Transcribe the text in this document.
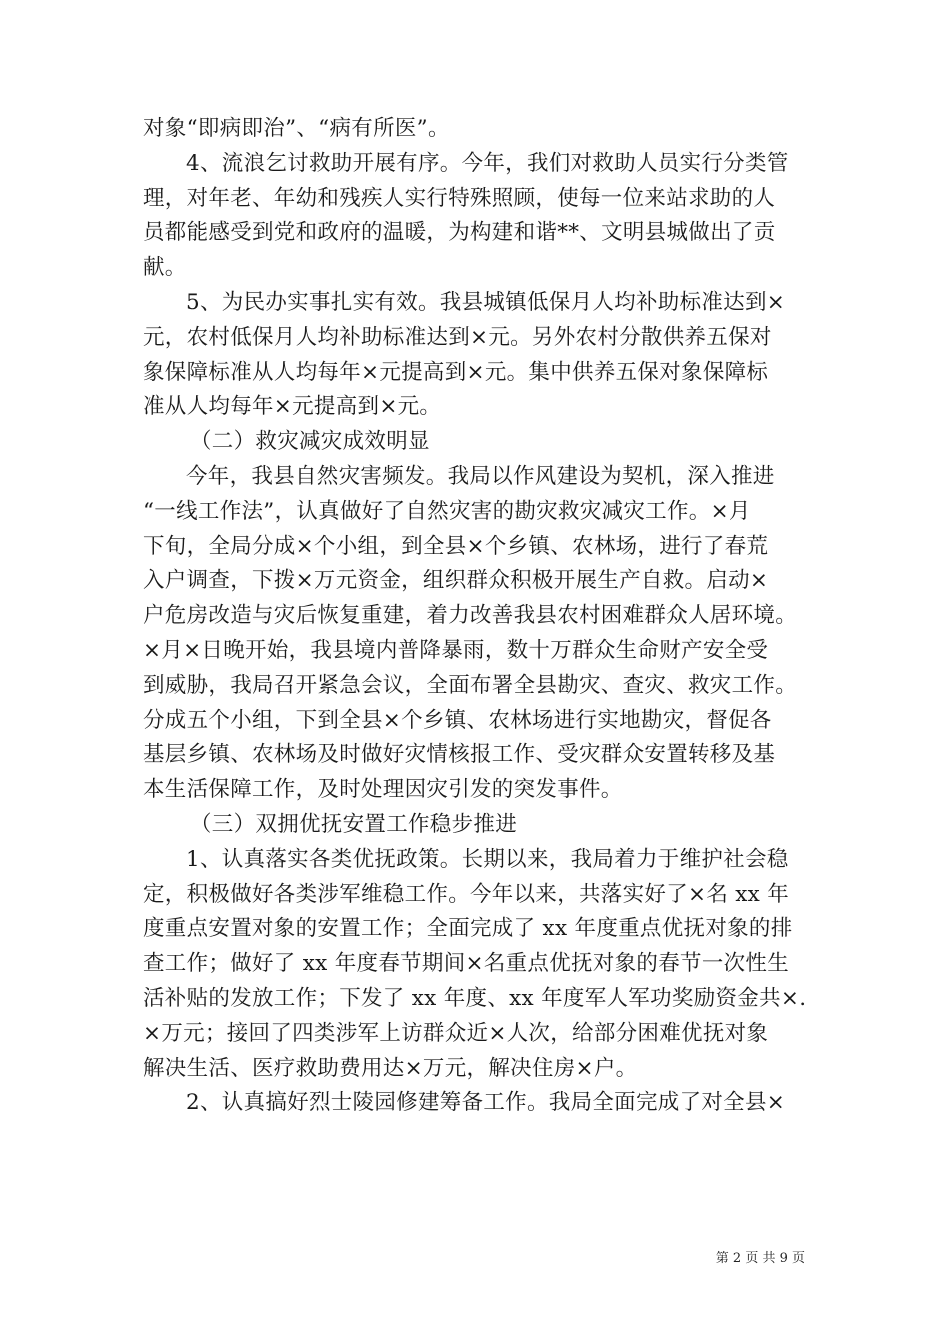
对象“即病即治”、“病有所医”。
4、流浪乞讨救助开展有序。今年，我们对救助人员实行分类管
理，对年老、年幼和残疾人实行特殊照顾，使每一位来站求助的人
员都能感受到党和政府的温暖，为构建和谐**、文明县城做出了贡
献。
5、为民办实事扎实有效。我县城镇低保月人均补助标准达到×
元，农村低保月人均补助标准达到×元。另外农村分散供养五保对
象保障标准从人均每年×元提高到×元。集中供养五保对象保障标
准从人均每年×元提高到×元。
（二）救灾减灾成效明显
今年，我县自然灾害频发。我局以作风建设为契机，深入推进
“一线工作法”，认真做好了自然灾害的勘灾救灾减灾工作。×月
下旬，全局分成×个小组，到全县×个乡镇、农林场，进行了春荒
入户调查，下拨×万元资金，组织群众积极开展生产自救。启动×
户危房改造与灾后恢复重建，着力改善我县农村困难群众人居环境。
×月×日晚开始，我县境内普降暴雨，数十万群众生命财产安全受
到威胁，我局召开紧急会议，全面布署全县勘灾、查灾、救灾工作。
分成五个小组，下到全县×个乡镇、农林场进行实地勘灾，督促各
基层乡镇、农林场及时做好灾情核报工作、受灾群众安置转移及基
本生活保障工作，及时处理因灾引发的突发事件。
（三）双拥优抚安置工作稳步推进
1、认真落实各类优抚政策。长期以来，我局着力于维护社会稳
定，积极做好各类涉军维稳工作。今年以来，共落实好了×名 xx 年
度重点安置对象的安置工作；全面完成了 xx 年度重点优抚对象的排
查工作；做好了 xx 年度春节期间×名重点优抚对象的春节一次性生
活补贴的发放工作；下发了 xx 年度、xx 年度军人军功奖励资金共×.
×万元；接回了四类涉军上访群众近×人次，给部分困难优抚对象
解决生活、医疗救助费用达×万元，解决住房×户。
2、认真搞好烈士陵园修建筹备工作。我局全面完成了对全县×
第 2 页 共 9 页
